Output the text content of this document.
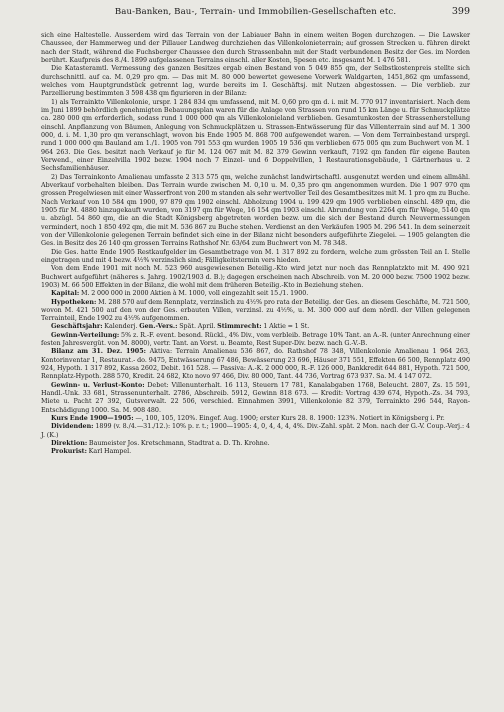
Bau-Banken, Bau-, Terrain- und Immobilien-Gesellschaften etc.	399

sich eine Haltestelle. Ausserdem wird das Terrain von der Labiauer Bahn in einem weiten Bogen durchzogen. — Die Lawsker Chaussee, der Hammerweg und der Pillauer Landweg durchziehen das Villenkolonieterrain; auf grossen Strecken u. führen direkt nach der Stadt, während die Fuchsberger Chaussee den durch Strassenbahn mit der Stadt verbundenen Besitz der Ges. im Norden berührt. Kaufpreis des 8./4. 1899 aufgelassenen Terrains einschl. aller Kosten, Spesen etc. insgesamt M. 1 476 581.

Die Katasteramtl. Vermessung des ganzen Besitzes ergab einen Bestand von 5 049 855 qm, der Selbstkostenpreis stellte sich durchschnittl. auf ca. M. 0,29 pro qm. — Das mit M. 80 000 bewertet gewesene Vorwerk Waldgarten, 1451,862 qm umfassend, welches vom Hauptgrundstück getrennt lag, wurde bereits im I. Geschäftsj. mit Nutzen abgestossen. — Die verblieb. zur Parzellierung bestimmten 3 598 438 qm figurieren in der Bilanz:

1) als Terrainkto Villenkolonie, urspr. 1 284 834 qm umfassend, mit M. 0,60 pro qm d. i. mit M. 770 917 inventarisiert. Nach dem im Juni 1899 behördlich genehmigten Bebauungsplan waren für die Anlage von Strassen von rund 15 km Länge u. für Schmuckplätze ca. 280 000 qm erforderlich, sodass rund 1 000 000 qm als Villenkolonieland verblieben. Gesamtunkosten der Strassenherstellung einschl. Anpflanzung von Bäumen, Anlegung von Schmuckplätzen u. Strassen-Entwässerung für das Villenterrain sind auf M. 1 300 000, d. i. M. 1,30 pro qm veranschlagt, wovon bis Ende 1905 M. 868 700 aufgewendet waren. — Von dem Terrainbestand ursprgl. rund 1 000 000 qm Bauland am 1./1. 1905 von 791 553 qm wurden 1905 19 536 qm verblieben 675 005 qm zum Buchwert von M. 1 964 263. Die Ges. besitzt nach Verkauf je für M. 124 067 mit M. 82 379 Gewinn verkauft, 7192 qm fanden für eigene Bauten Verwend., einer Einzelvilla 1902 bezw. 1904 noch 7 Einzel- und 6 Doppelvillen, 1 Restaurationsgebäude, 1 Gärtnerhaus u. 2 Sechsfamilienhäuser.

2) Das Terrainkonto Amalienau umfasste 2 313 575 qm, welche zunächst landwirtschaftl. ausgenutzt werden und einem allmähl. Abverkauf vorbehalten bleiben. Das Terrain wurde zwischen M. 0,10 u. M. 0,35 pro qm angenommen wurden. Die 1 907 970 qm grossen Pregelwiesen mit einer Wasserfront von 200 m standen als sehr wertvoller Teil des Gesamtbesitzes mit M. 1 pro qm zu Buche. Nach Verkauf von 10 584 qm 1900, 97 879 qm 1902 einschl. Abholzung 1904 u. 199 429 qm 1905 verblieben einschl. 489 qm, die 1905 für M. 4880 hinzugekauft wurden, von 3197 qm für Wege, 16 154 qm 1903 einschl. Abrundung von 2264 qm für Wege, 5140 qm u. abzügl. 54 860 qm, die an die Stadt Königsberg abgetreten worden bezw. um die sich der Bestand durch Neuvermessungen vermindert, noch 1 850 492 qm, die mit M. 536 867 zu Buche stehen. Verdienst an den Verkäufen 1905 M. 296 541. In dem seinerzeit von der Villenkolonie gelegenen Terrain befindet sich eine in der Bilanz nicht besonders aufgeführte Ziegelei. — 1905 gelangten die Ges. in Besitz des 26 140 qm grossen Terrains Rathshof Nr. 63/64 zum Buchwert von M. 78 348.

Die Ges. hatte Ende 1905 Restkaufgelder im Gesamtbetrage von M. 1 317 892 zu fordern, welche zum grössten Teil an I. Stelle eingetragen und mit 4 bezw. 4½% verzinslich sind; Fälligkeitstermin vers hieden.

Von dem Ende 1901 mit noch M. 523 960 ausgewiesenen Beteilig.-Kto wird jetzt nur noch das Rennplatzkto mit M. 490 921 Buchwert aufgeführt (näheres s. Jahrg. 1902/1903 d. B.); dagegen erscheinen nach Abschreib. von M. 20 000 bezw. 7500 1902 bezw. 1903) M. 66 500 Effekten in der Bilanz, die wohl mit dem früheren Beteilig.-Kto in Beziehung stehen.

Kapital: M. 2 000 000 in 2000 Aktien à M. 1000, voll eingezahlt seit 15./1. 1900.

Hypotheken: M. 288 570 auf dem Rennplatz, verzinslich zu 4½% pro rata der Beteilig. der Ges. an diesem Geschäfte, M. 721 500, wovon M. 421 500 auf den von der Ges. erbauten Villen, verzinsl. zu 4½%, u. M. 300 000 auf dem nördl. der Villen gelegenen Terrainteil, Ende 1902 zu 4½% aufgenommen.

Geschäftsjahr: Kalenderj. Gen.-Vers.: Spät. April. Stimmrecht: 1 Aktie = 1 St.

Gewinn-Verteilung: 5% z. R.-F. event. besond. Rückl., 4% Div., vom verbleib. Betrage 10% Tant. an A.-R. (unter Anrechnung einer festen Jahresvergüt. von M. 8000), vertr. Tant. an Vorst. u. Beamte, Rest Super-Div. bezw. nach G.-V.-B.

Bilanz am 31. Dez. 1905: Aktiva: Terrain Amalienau 536 867, do. Rathshof 78 348, Villenkolonie Amalienau 1 964 263, Kontorinventar 1, Restaurat.- do. 9475, Entwässerung 67 486, Bewässerung 23 696, Häuser 371 551, Effekten 66 500, Rennplatz 490 924, Hypoth. 1 317 892, Kassa 2602, Debit. 161 528. — Passiva: A.-K. 2 000 000, R.-F. 126 000, Bankkredit 644 881, Hypoth. 721 500, Rennplatz-Hypoth. 288 570, Kredit. 24 682, Kto novo 97 466, Div. 80 000, Tant. 44 736, Vortrag 673 937. Sa. M. 4 147 072.

Gewinn- u. Verlust-Konto: Debet: Villenunterhalt. 16 113, Steuern 17 781, Kanalabgaben 1768, Beleucht. 2807, Zs. 15 591, Handl.-Unk. 33 681, Strassenunterhalt. 2786, Abschreib. 5912, Gewinn 818 673. — Kredit: Vortrag 439 674, Hypoth.-Zs. 34 793, Miete u. Pacht 27 392, Gutsverwalt. 22 506, verschied. Einnahmen 3991, Villenkolonie 82 379, Terrainkto 296 544, Rayon-Entschädigung 1000. Sa. M. 908 480.

Kurs Ende 1900—1905: —, 100, 105, 120%. Eingef. Aug. 1900; erster Kurs 28. 8. 1900: 123%. Notiert in Königsberg i. Pr.

Dividenden: 1899 (v. 8./4.—31./12.): 10% p. r. t.; 1900—1905: 4, 0, 4, 4, 4, 4%. Div.-Zahl. spät. 2 Mon. nach der G.-V. Coup.-Verj.: 4 J. (K.)

Direktion: Baumeister Jos. Kretschmann, Stadtrat a. D. Th. Krohne.

Prokurist: Karl Hampel.
